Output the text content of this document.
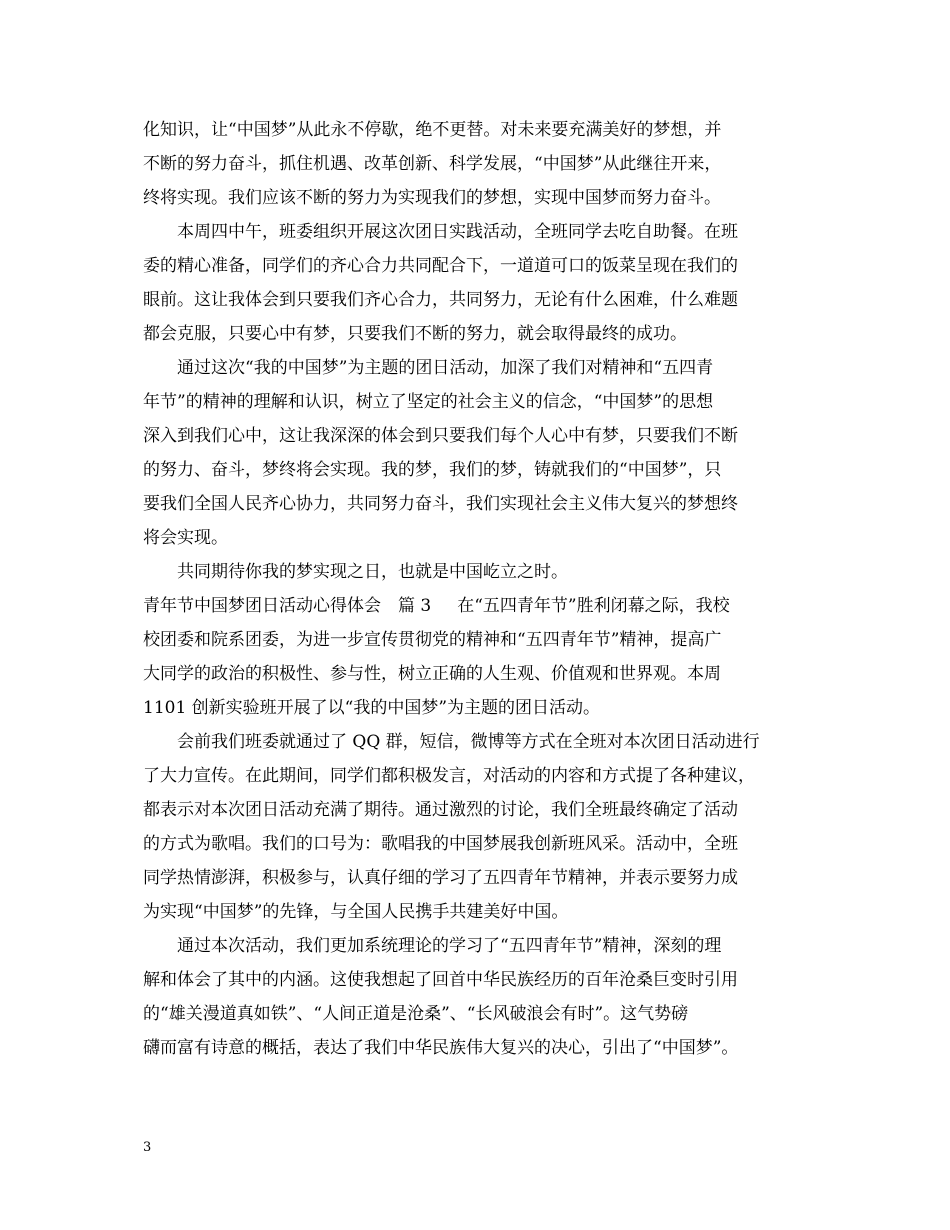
化知识，让“中国梦”从此永不停歇，绝不更替。对未来要充满美好的梦想，并
不断的努力奋斗，抓住机遇、改革创新、科学发展，“中国梦”从此继往开来，
终将实现。我们应该不断的努力为实现我们的梦想，实现中国梦而努力奋斗。
本周四中午，班委组织开展这次团日实践活动，全班同学去吃自助餐。在班
委的精心准备，同学们的齐心合力共同配合下，一道道可口的饭菜呈现在我们的
眼前。这让我体会到只要我们齐心合力，共同努力，无论有什么困难，什么难题
都会克服，只要心中有梦，只要我们不断的努力，就会取得最终的成功。
通过这次“我的中国梦”为主题的团日活动，加深了我们对精神和“五四青
年节”的精神的理解和认识，树立了坚定的社会主义的信念，“中国梦”的思想
深入到我们心中，这让我深深的体会到只要我们每个人心中有梦，只要我们不断
的努力、奋斗，梦终将会实现。我的梦，我们的梦，铸就我们的“中国梦”，只
要我们全国人民齐心协力，共同努力奋斗，我们实现社会主义伟大复兴的梦想终
将会实现。
共同期待你我的梦实现之日，也就是中国屹立之时。
青年节中国梦团日活动心得体会　篇 3 在“五四青年节”胜利闭幕之际，我校
校团委和院系团委，为进一步宣传贯彻党的精神和“五四青年节”精神，提高广
大同学的政治的积极性、参与性，树立正确的人生观、价值观和世界观。本周
1101 创新实验班开展了以“我的中国梦”为主题的团日活动。
会前我们班委就通过了 QQ 群，短信，微博等方式在全班对本次团日活动进行
了大力宣传。在此期间，同学们都积极发言，对活动的内容和方式提了各种建议，
都表示对本次团日活动充满了期待。通过激烈的讨论，我们全班最终确定了活动
的方式为歌唱。我们的口号为：歌唱我的中国梦展我创新班风采。活动中，全班
同学热情澎湃，积极参与，认真仔细的学习了五四青年节精神，并表示要努力成
为实现“中国梦”的先锋，与全国人民携手共建美好中国。
通过本次活动，我们更加系统理论的学习了“五四青年节”精神，深刻的理
解和体会了其中的内涵。这使我想起了回首中华民族经历的百年沧桑巨变时引用
的“雄关漫道真如铁”、“人间正道是沧桑”、“长风破浪会有时”。这气势磅
礴而富有诗意的概括，表达了我们中华民族伟大复兴的决心，引出了“中国梦”。
3
